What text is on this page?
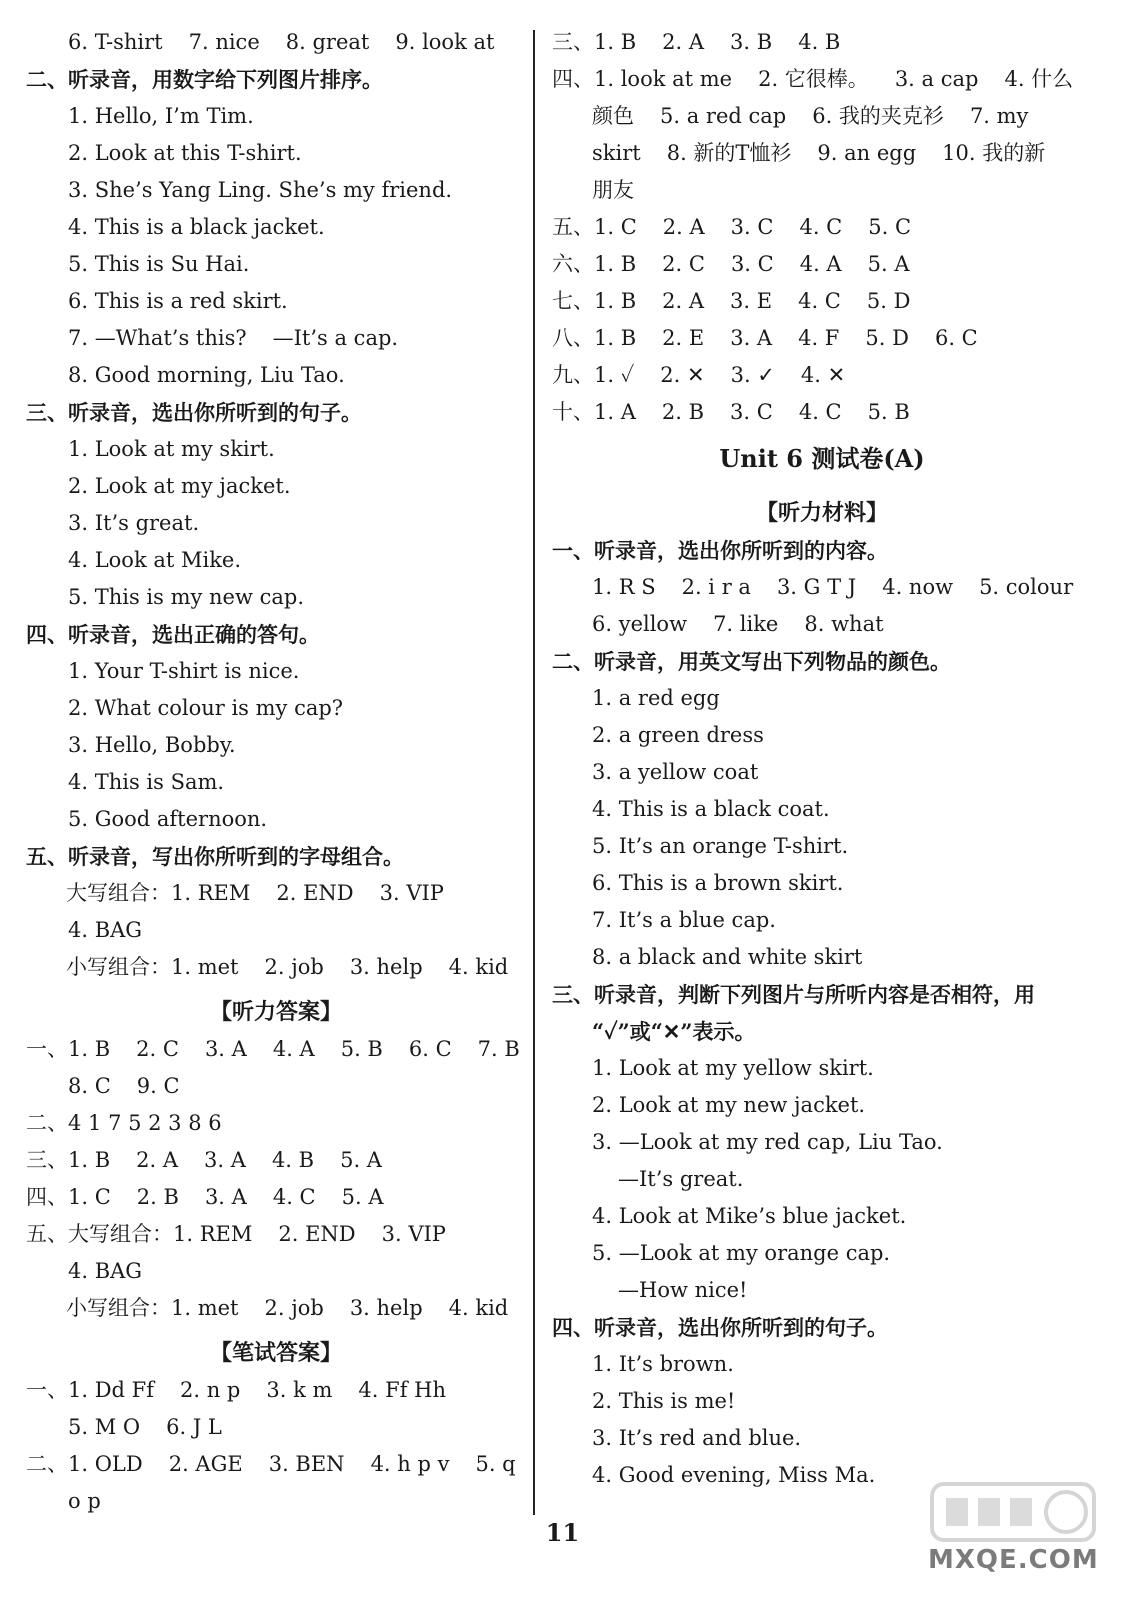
6. T-shirt 7. nice 8. great 9. look at
二、听录音，用数字给下列图片排序。
1. Hello, I’m Tim.
2. Look at this T-shirt.
3. She’s Yang Ling. She’s my friend.
4. This is a black jacket.
5. This is Su Hai.
6. This is a red skirt.
7. —What’s this? —It’s a cap.
8. Good morning, Liu Tao.
三、听录音，选出你所听到的句子。
1. Look at my skirt.
2. Look at my jacket.
3. It’s great.
4. Look at Mike.
5. This is my new cap.
四、听录音，选出正确的答句。
1. Your T-shirt is nice.
2. What colour is my cap?
3. Hello, Bobby.
4. This is Sam.
5. Good afternoon.
五、听录音，写出你所听到的字母组合。
大写组合：1. REM 2. END 3. VIP
4. BAG
小写组合：1. met 2. job 3. help 4. kid
【听力答案】
一、1. B 2. C 3. A 4. A 5. B 6. C 7. B
8. C 9. C
二、4 1 7 5 2 3 8 6
三、1. B 2. A 3. A 4. B 5. A
四、1. C 2. B 3. A 4. C 5. A
五、大写组合：1. REM 2. END 3. VIP
4. BAG
小写组合：1. met 2. job 3. help 4. kid
【笔试答案】
一、1. Dd Ff 2. n p 3. k m 4. Ff Hh
5. M O 6. J L
二、1. OLD 2. AGE 3. BEN 4. h p v 5. q
o p
三、1. B 2. A 3. B 4. B
四、1. look at me 2. 它很棒。 3. a cap 4. 什么
颜色 5. a red cap 6. 我的夹克衫 7. my
skirt 8. 新的T恤衫 9. an egg 10. 我的新
朋友
五、1. C 2. A 3. C 4. C 5. C
六、1. B 2. C 3. C 4. A 5. A
七、1. B 2. A 3. E 4. C 5. D
八、1. B 2. E 3. A 4. F 5. D 6. C
九、1. ✓ 2. ✕ 3. ✓ 4. ✕
十、1. A 2. B 3. C 4. C 5. B
Unit 6 测试卷(A)
【听力材料】
一、听录音，选出你所听到的内容。
1. R S 2. i r a 3. G T J 4. now 5. colour
6. yellow 7. like 8. what
二、听录音，用英文写出下列物品的颜色。
1. a red egg
2. a green dress
3. a yellow coat
4. This is a black coat.
5. It’s an orange T-shirt.
6. This is a brown skirt.
7. It’s a blue cap.
8. a black and white skirt
三、听录音，判断下列图片与所听内容是否相符，用
“✓”或“✕”表示。
1. Look at my yellow skirt.
2. Look at my new jacket.
3. —Look at my red cap, Liu Tao.
—It’s great.
4. Look at Mike’s blue jacket.
5. —Look at my orange cap.
—How nice!
四、听录音，选出你所听到的句子。
1. It’s brown.
2. This is me!
3. It’s red and blue.
4. Good evening, Miss Ma.
11
MXQE.COM
